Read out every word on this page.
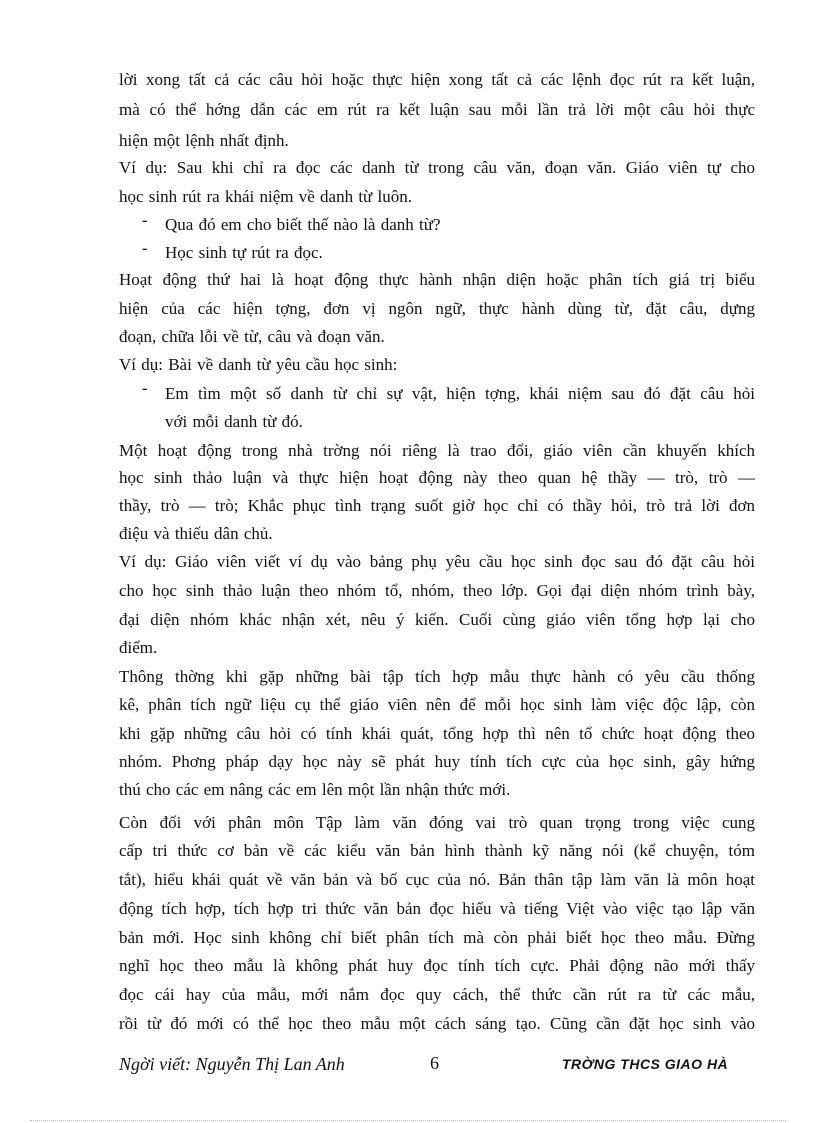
lời xong tất cả các câu hỏi hoặc thực hiện xong tất cả các lệnh đọc rút ra kết luận,
mà có thể hớng dẫn các em rút ra kết luận sau mỗi lần trả lời một câu hỏi thực
hiện một lệnh nhất định.
Ví dụ: Sau khi chỉ ra đọc các danh từ trong câu văn, đoạn văn. Giáo viên tự cho
học sinh rút ra khái niệm về danh từ luôn.
- Qua đó em cho biết thế nào là danh từ?
- Học sinh tự rút ra đọc.
Hoạt động thứ hai là hoạt động thực hành nhận diện hoặc phân tích giá trị biểu
hiện của các hiện tợng, đơn vị ngôn ngữ, thực hành dùng từ, đặt câu, dựng
đoạn, chữa lỗi về từ, câu và đoạn văn.
Ví dụ: Bài về danh từ yêu cầu học sinh:
- Em tìm một số danh từ chỉ sự vật, hiện tợng, khái niệm sau đó đặt câu hỏi
với mỗi danh từ đó.
Một hoạt động trong nhà trờng nói riêng là trao đổi, giáo viên cần khuyến khích
học sinh thảo luận và thực hiện hoạt động này theo quan hệ thầy — trò, trò —
thầy, trò — trò; Khắc phục tình trạng suốt giờ học chỉ có thầy hỏi, trò trả lời đơn
điệu và thiếu dân chủ.
Ví dụ: Giáo viên viết ví dụ vào bảng phụ yêu cầu học sinh đọc sau đó đặt câu hỏi
cho học sinh thảo luận theo nhóm tổ, nhóm, theo lớp. Gọi đại diện nhóm trình bày,
đại diện nhóm khác nhận xét, nêu ý kiến. Cuối cùng giáo viên tổng hợp lại cho
điểm.
Thông thờng khi gặp những bài tập tích hợp mẫu thực hành có yêu cầu thống
kê, phân tích ngữ liệu cụ thể giáo viên nên để mỗi học sinh làm việc độc lập, còn
khi gặp những câu hỏi có tính khái quát, tổng hợp thì nên tổ chức hoạt động theo
nhóm. Phơng pháp dạy học này sẽ phát huy tính tích cực của học sinh, gây hứng
thú cho các em nâng các em lên một lần nhận thức mới.
Còn đối với phân môn Tập làm văn đóng vai trò quan trọng trong việc cung
cấp tri thức cơ bản về các kiểu văn bản hình thành kỹ năng nói (kể chuyện, tóm
tắt), hiểu khái quát về văn bản và bố cục của nó. Bản thân tập làm văn là môn hoạt
động tích hợp, tích hợp tri thức văn bản đọc hiểu và tiếng Việt vào việc tạo lập văn
bản mới. Học sinh không chỉ biết phân tích mà còn phải biết học theo mẫu. Đừng
nghĩ học theo mẫu là không phát huy đọc tính tích cực. Phải động não mới thấy
đọc cái hay của mẫu, mới nắm đọc quy cách, thể thức cần rút ra từ các mẫu,
rồi từ đó mới có thể học theo mẫu một cách sáng tạo. Cũng cần đặt học sinh vào
Ngời viết: Nguyễn Thị Lan Anh	6	TRỜNG THCS GIAO HÀ
